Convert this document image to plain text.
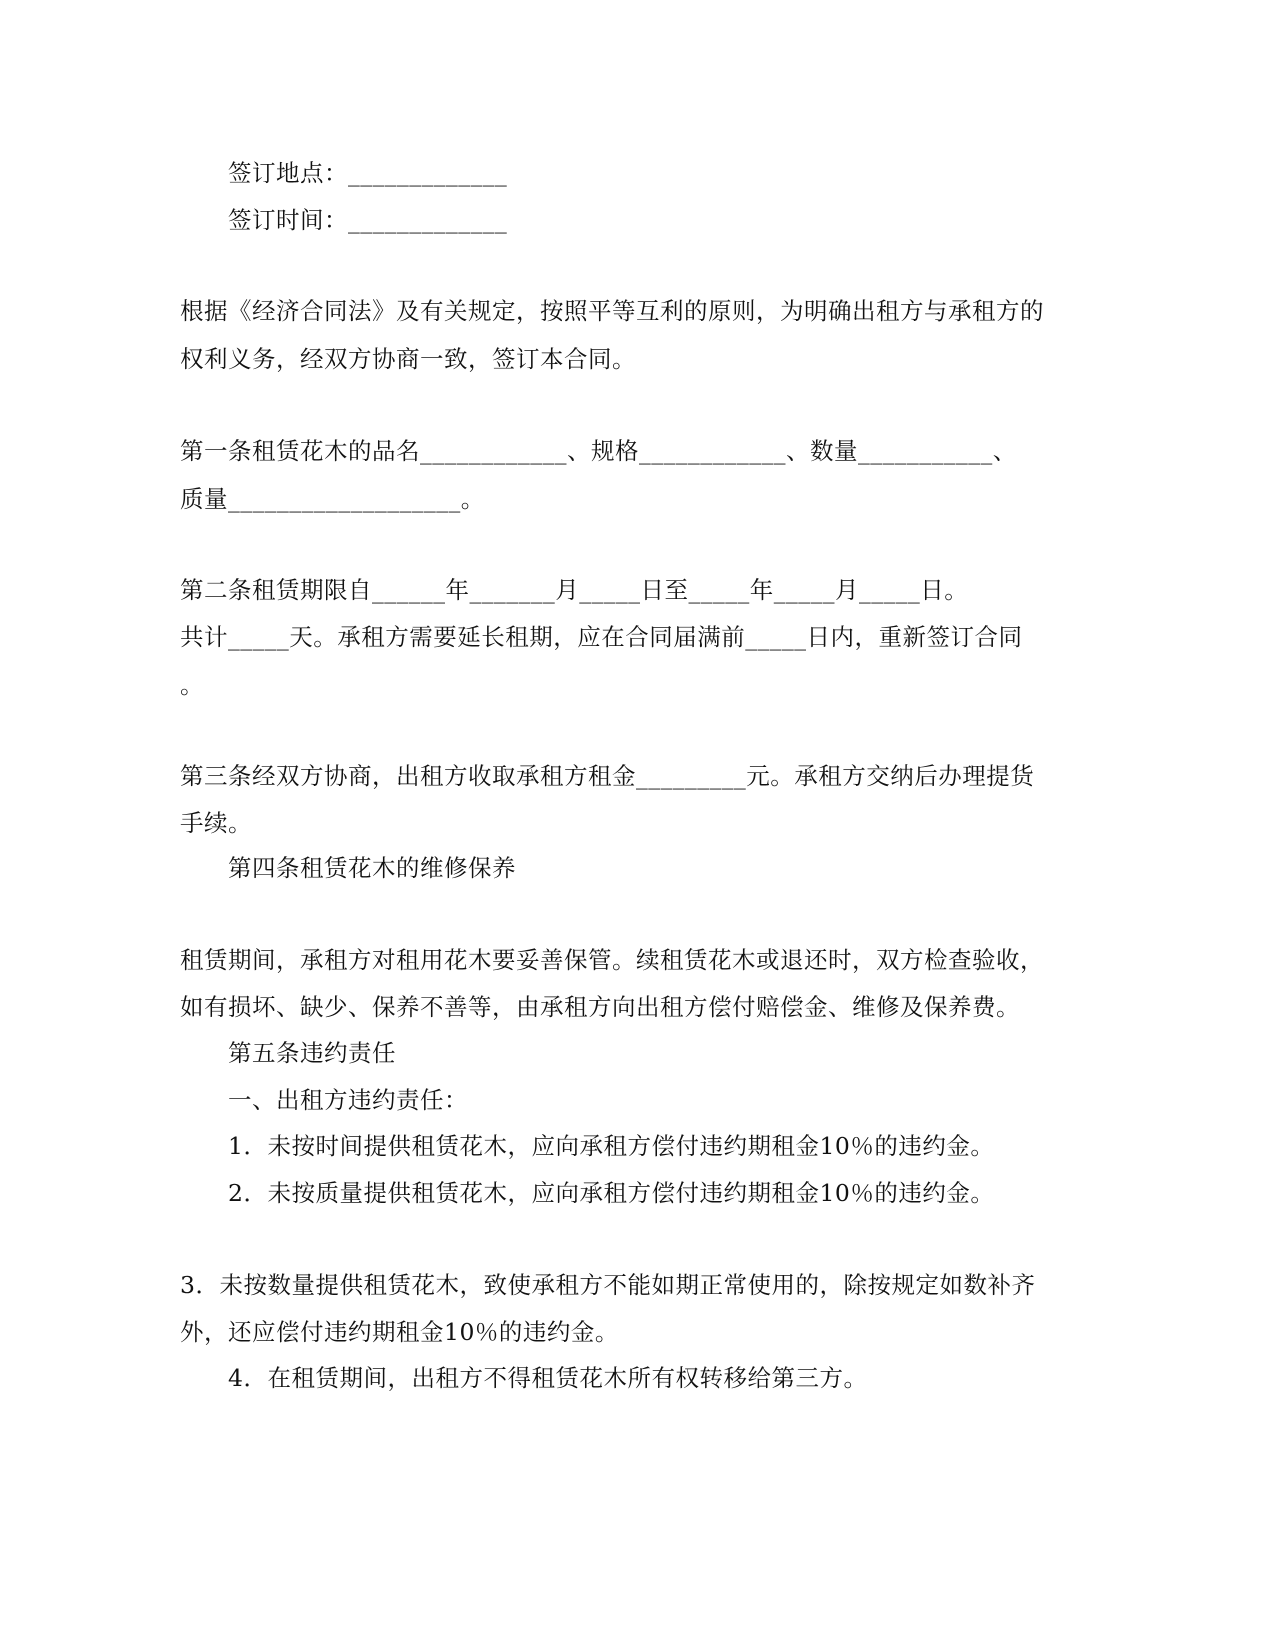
签订地点：_____________
签订时间：_____________
根据《经济合同法》及有关规定，按照平等互利的原则，为明确出租方与承租方的
权利义务，经双方协商一致，签订本合同。
第一条租赁花木的品名____________、规格____________、数量___________、
质量___________________。
第二条租赁期限自______年_______月_____日至_____年_____月_____日。
共计_____天。承租方需要延长租期，应在合同届满前_____日内，重新签订合同
。
第三条经双方协商，出租方收取承租方租金_________元。承租方交纳后办理提货
手续。
第四条租赁花木的维修保养
租赁期间，承租方对租用花木要妥善保管。续租赁花木或退还时，双方检查验收，
如有损坏、缺少、保养不善等，由承租方向出租方偿付赔偿金、维修及保养费。
第五条违约责任
一、出租方违约责任：
1．未按时间提供租赁花木，应向承租方偿付违约期租金10％的违约金。
2．未按质量提供租赁花木，应向承租方偿付违约期租金10％的违约金。
3．未按数量提供租赁花木，致使承租方不能如期正常使用的，除按规定如数补齐
外，还应偿付违约期租金10％的违约金。
4．在租赁期间，出租方不得租赁花木所有权转移给第三方。
